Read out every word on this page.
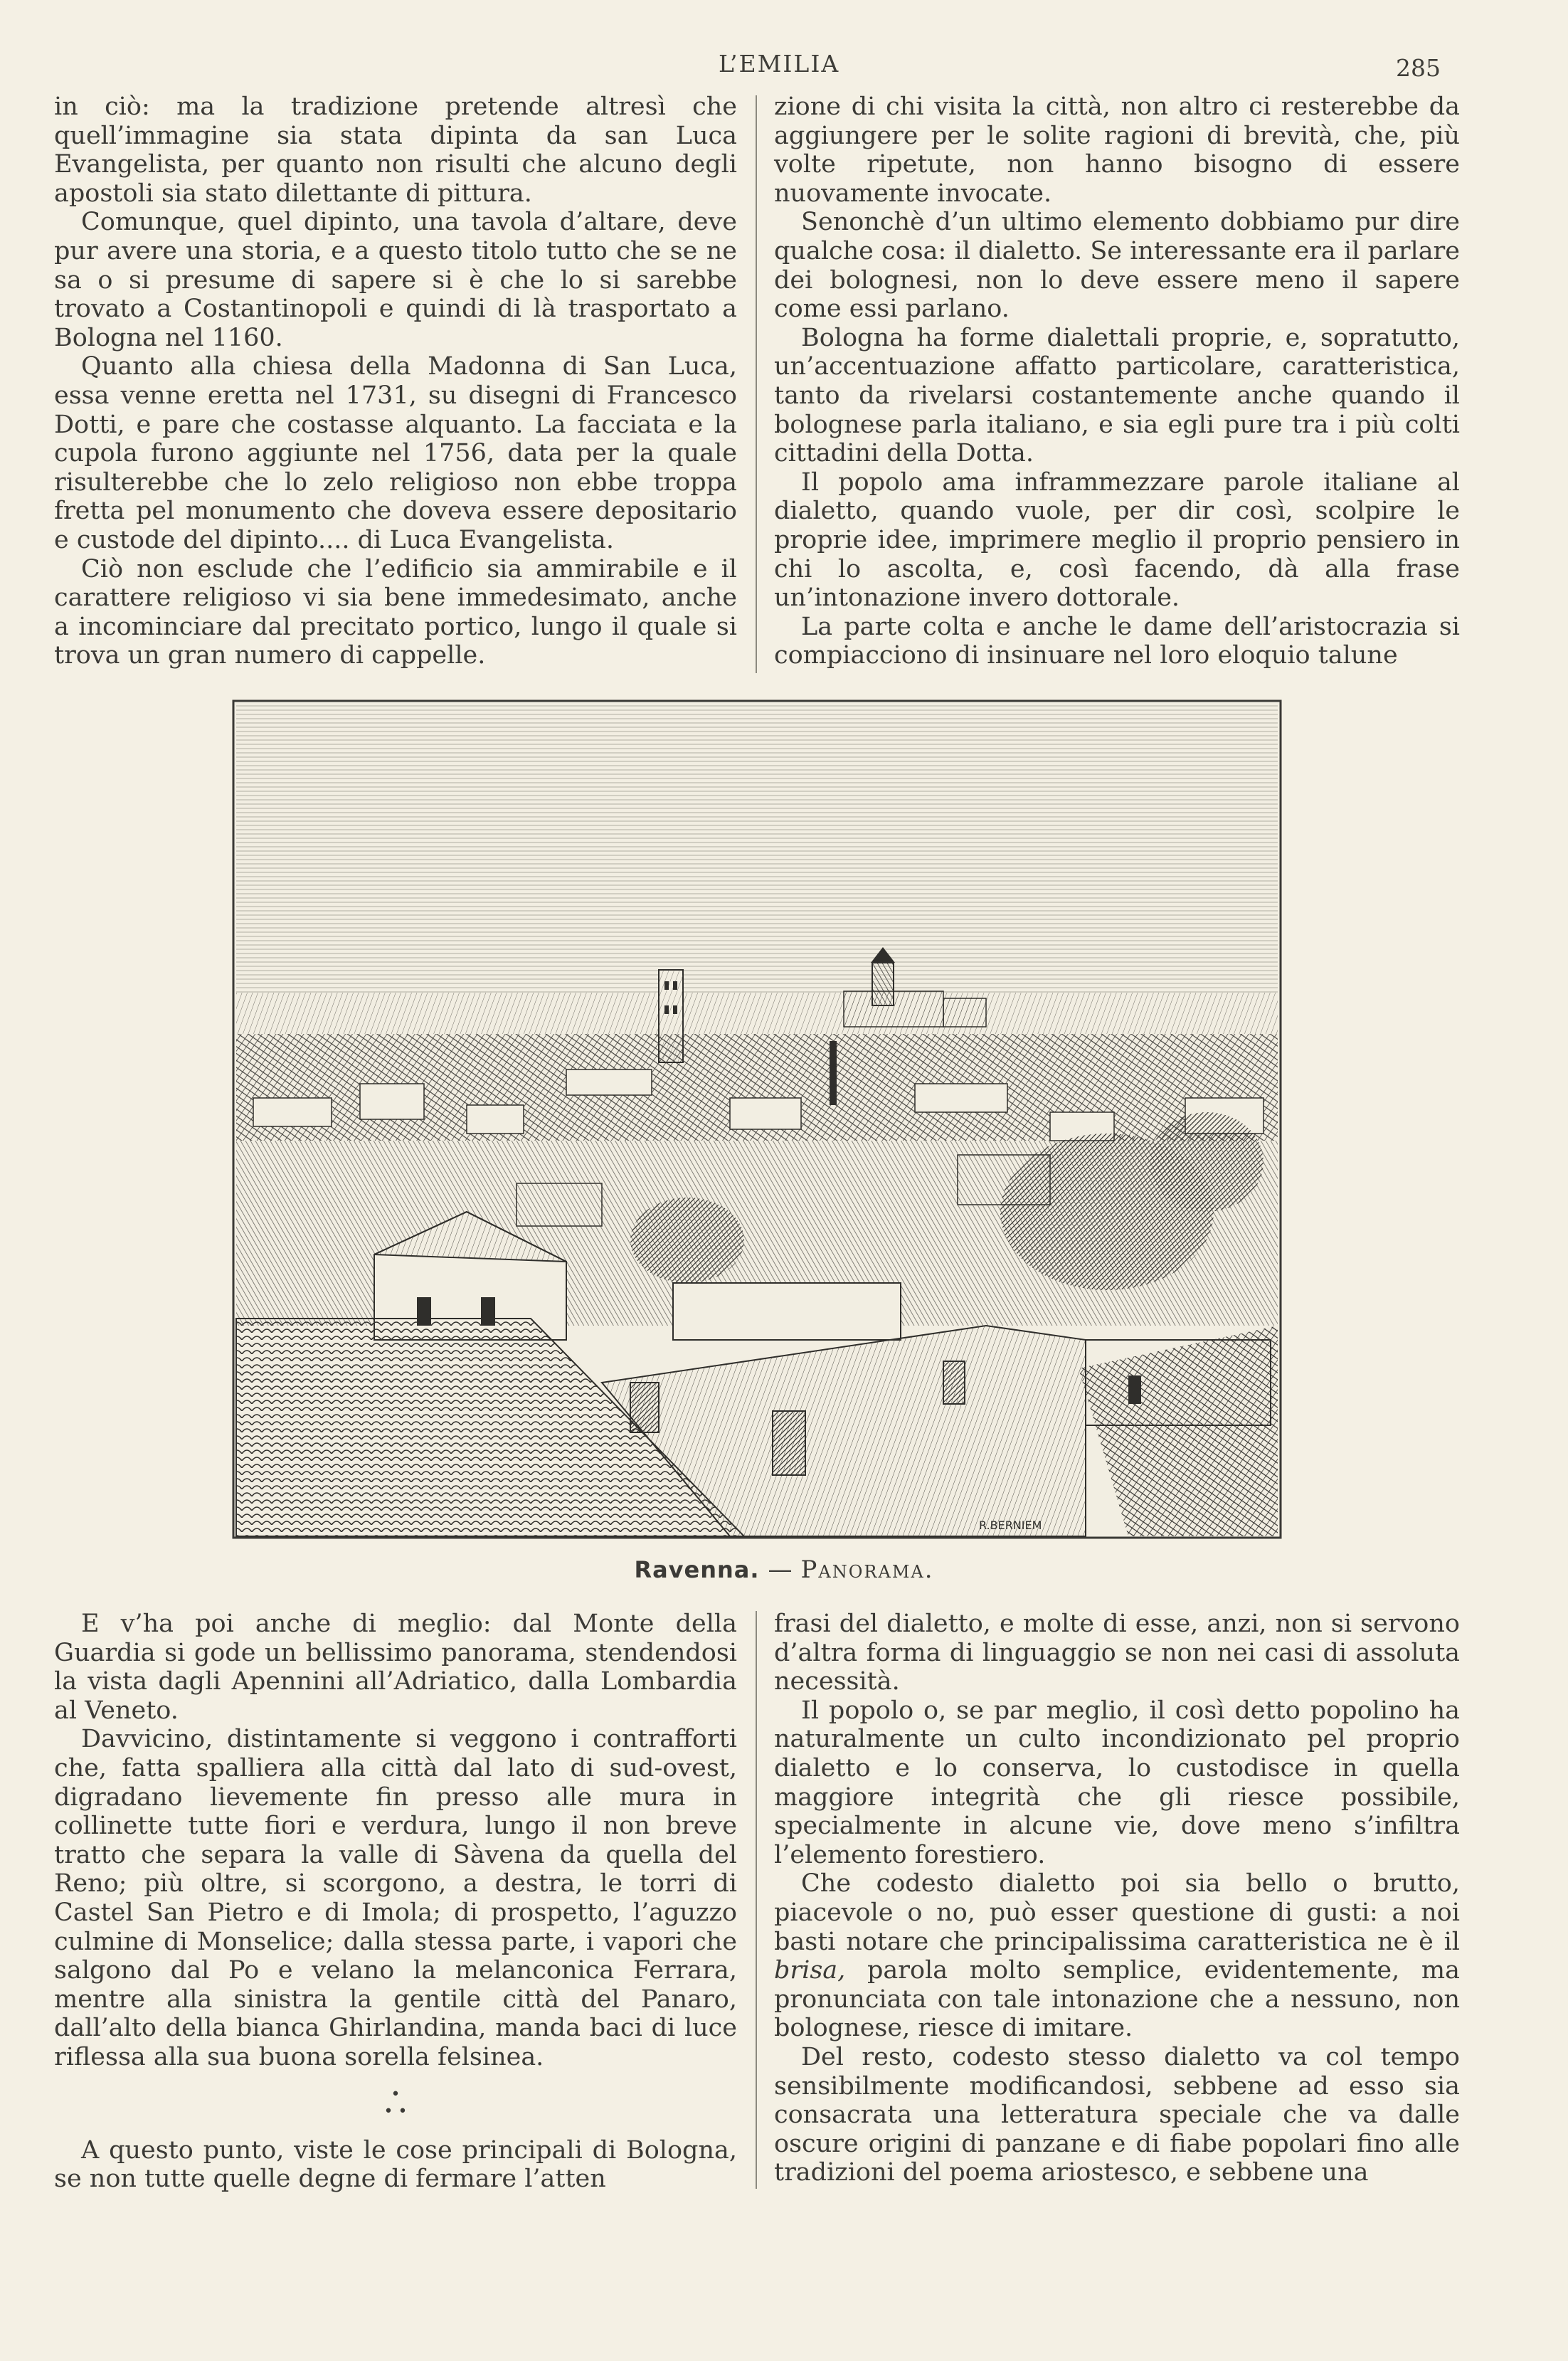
L’EMILIA	285

in ciò: ma la tradizione pretende altresì che quell’immagine sia stata dipinta da san Luca Evangelista, per quanto non risulti che alcuno degli apostoli sia stato dilettante di pittura.

Comunque, quel dipinto, una tavola d’altare, deve pur avere una storia, e a questo titolo tutto che se ne sa o si presume di sapere si è che lo si sarebbe trovato a Costantinopoli e quindi di là trasportato a Bologna nel 1160.

Quanto alla chiesa della Madonna di San Luca, essa venne eretta nel 1731, su disegni di Francesco Dotti, e pare che costasse alquanto. La facciata e la cupola furono aggiunte nel 1756, data per la quale risulterebbe che lo zelo religioso non ebbe troppa fretta pel monumento che doveva essere depositario e custode del dipinto.... di Luca Evangelista.

Ciò non esclude che l’edificio sia ammirabile e il carattere religioso vi sia bene immedesimato, anche a incominciare dal precitato portico, lungo il quale si trova un gran numero di cappelle.

zione di chi visita la città, non altro ci resterebbe da aggiungere per le solite ragioni di brevità, che, più volte ripetute, non hanno bisogno di essere nuovamente invocate.

Senonchè d’un ultimo elemento dobbiamo pur dire qualche cosa: il dialetto. Se interessante era il parlare dei bolognesi, non lo deve essere meno il sapere come essi parlano.

Bologna ha forme dialettali proprie, e, sopratutto, un’accentuazione affatto particolare, caratteristica, tanto da rivelarsi costantemente anche quando il bolognese parla italiano, e sia egli pure tra i più colti cittadini della Dotta.

Il popolo ama inframmezzare parole italiane al dialetto, quando vuole, per dir così, scolpire le proprie idee, imprimere meglio il proprio pensiero in chi lo ascolta, e, così facendo, dà alla frase un’intonazione invero dottorale.

La parte colta e anche le dame dell’aristocrazia si compiacciono di insinuare nel loro eloquio talune

R.BERNIEM
Ravenna. — Panorama.

E v’ha poi anche di meglio: dal Monte della Guardia si gode un bellissimo panorama, stendendosi la vista dagli Apennini all’Adriatico, dalla Lombardia al Veneto.

Davvicino, distintamente si veggono i contrafforti che, fatta spalliera alla città dal lato di sud-ovest, digradano lievemente fin presso alle mura in collinette tutte fiori e verdura, lungo il non breve tratto che separa la valle di Sàvena da quella del Reno; più oltre, si scorgono, a destra, le torri di Castel San Pietro e di Imola; di prospetto, l’aguzzo culmine di Monselice; dalla stessa parte, i vapori che salgono dal Po e velano la melanconica Ferrara, mentre alla sinistra la gentile città del Panaro, dall’alto della bianca Ghirlandina, manda baci di luce riflessa alla sua buona sorella felsinea.

•
• •

A questo punto, viste le cose principali di Bologna, se non tutte quelle degne di fermare l’atten

frasi del dialetto, e molte di esse, anzi, non si servono d’altra forma di linguaggio se non nei casi di assoluta necessità.

Il popolo o, se par meglio, il così detto popolino ha naturalmente un culto incondizionato pel proprio dialetto e lo conserva, lo custodisce in quella maggiore integrità che gli riesce possibile, specialmente in alcune vie, dove meno s’infiltra l’elemento forestiero.

Che codesto dialetto poi sia bello o brutto, piacevole o no, può esser questione di gusti: a noi basti notare che principalissima caratteristica ne è il brisa, parola molto semplice, evidentemente, ma pronunciata con tale intonazione che a nessuno, non bolognese, riesce di imitare.

Del resto, codesto stesso dialetto va col tempo sensibilmente modificandosi, sebbene ad esso sia consacrata una letteratura speciale che va dalle oscure origini di panzane e di fiabe popolari fino alle tradizioni del poema ariostesco, e sebbene una
